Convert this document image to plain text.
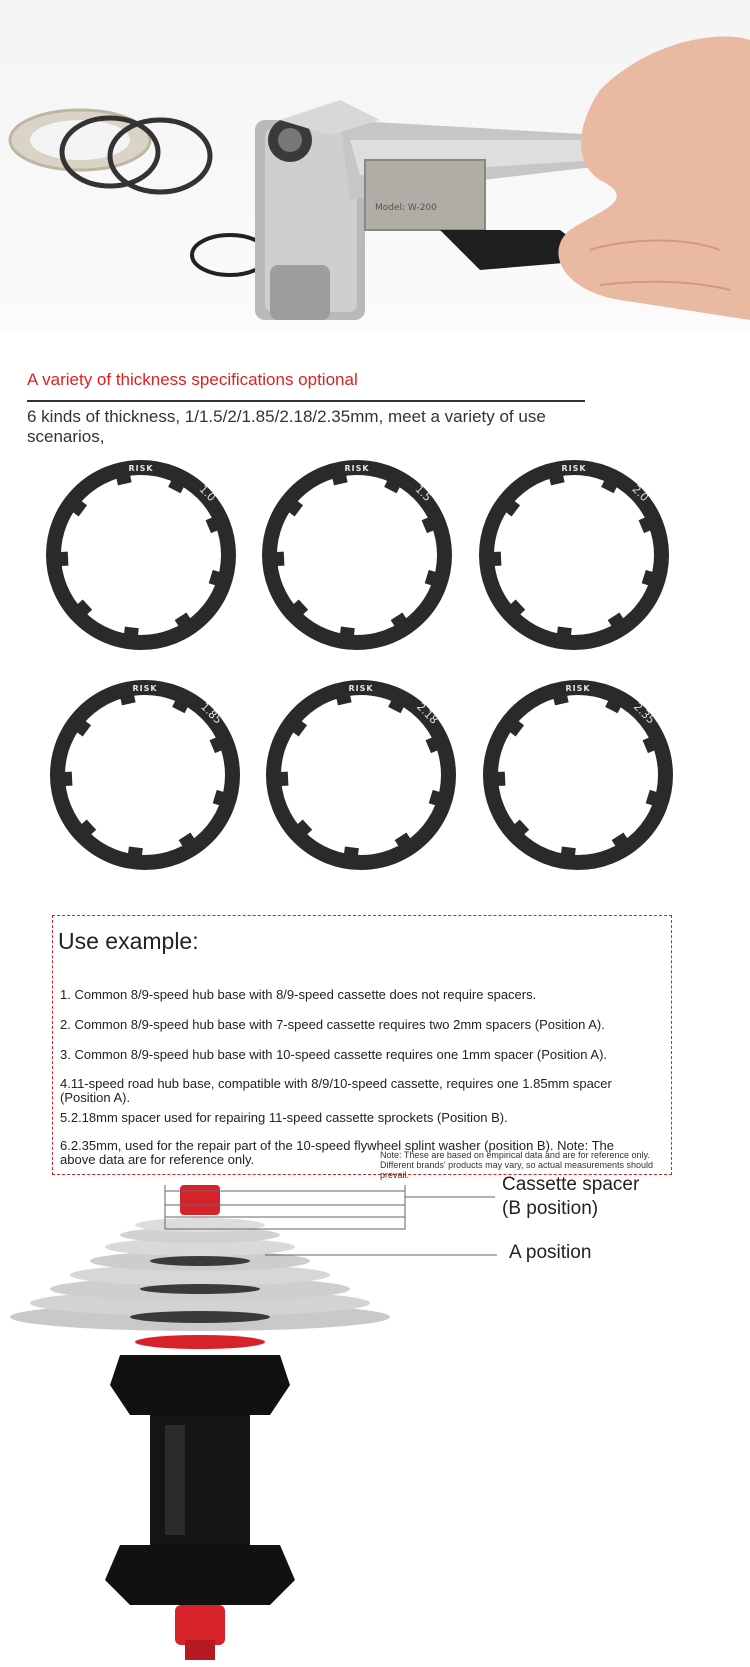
Model: W-200
A variety of thickness specifications optional
6 kinds of thickness, 1/1.5/2/1.85/2.18/2.35mm, meet a variety of use scenarios,
RISK
1.0
RISK
1.5
RISK
2.0
RISK
1.85
RISK
2.18
RISK
2.35
Use example:
1. Common 8/9-speed hub base with 8/9-speed cassette does not require spacers.
2. Common 8/9-speed hub base with 7-speed cassette requires two 2mm spacers (Position A).
3. Common 8/9-speed hub base with 10-speed cassette requires one 1mm spacer (Position A).
4.11-speed road hub base, compatible with 8/9/10-speed cassette, requires one 1.85mm spacer (Position A).
5.2.18mm spacer used for repairing 11-speed cassette sprockets (Position B).
6.2.35mm, used for the repair part of the 10-speed flywheel splint washer (position B). Note: The above data are for reference only.	Note: These are based on empirical data and are for reference only. Different brands' products may vary, so actual measurements should prevail.	Cassette spacer
(B position)
A position
